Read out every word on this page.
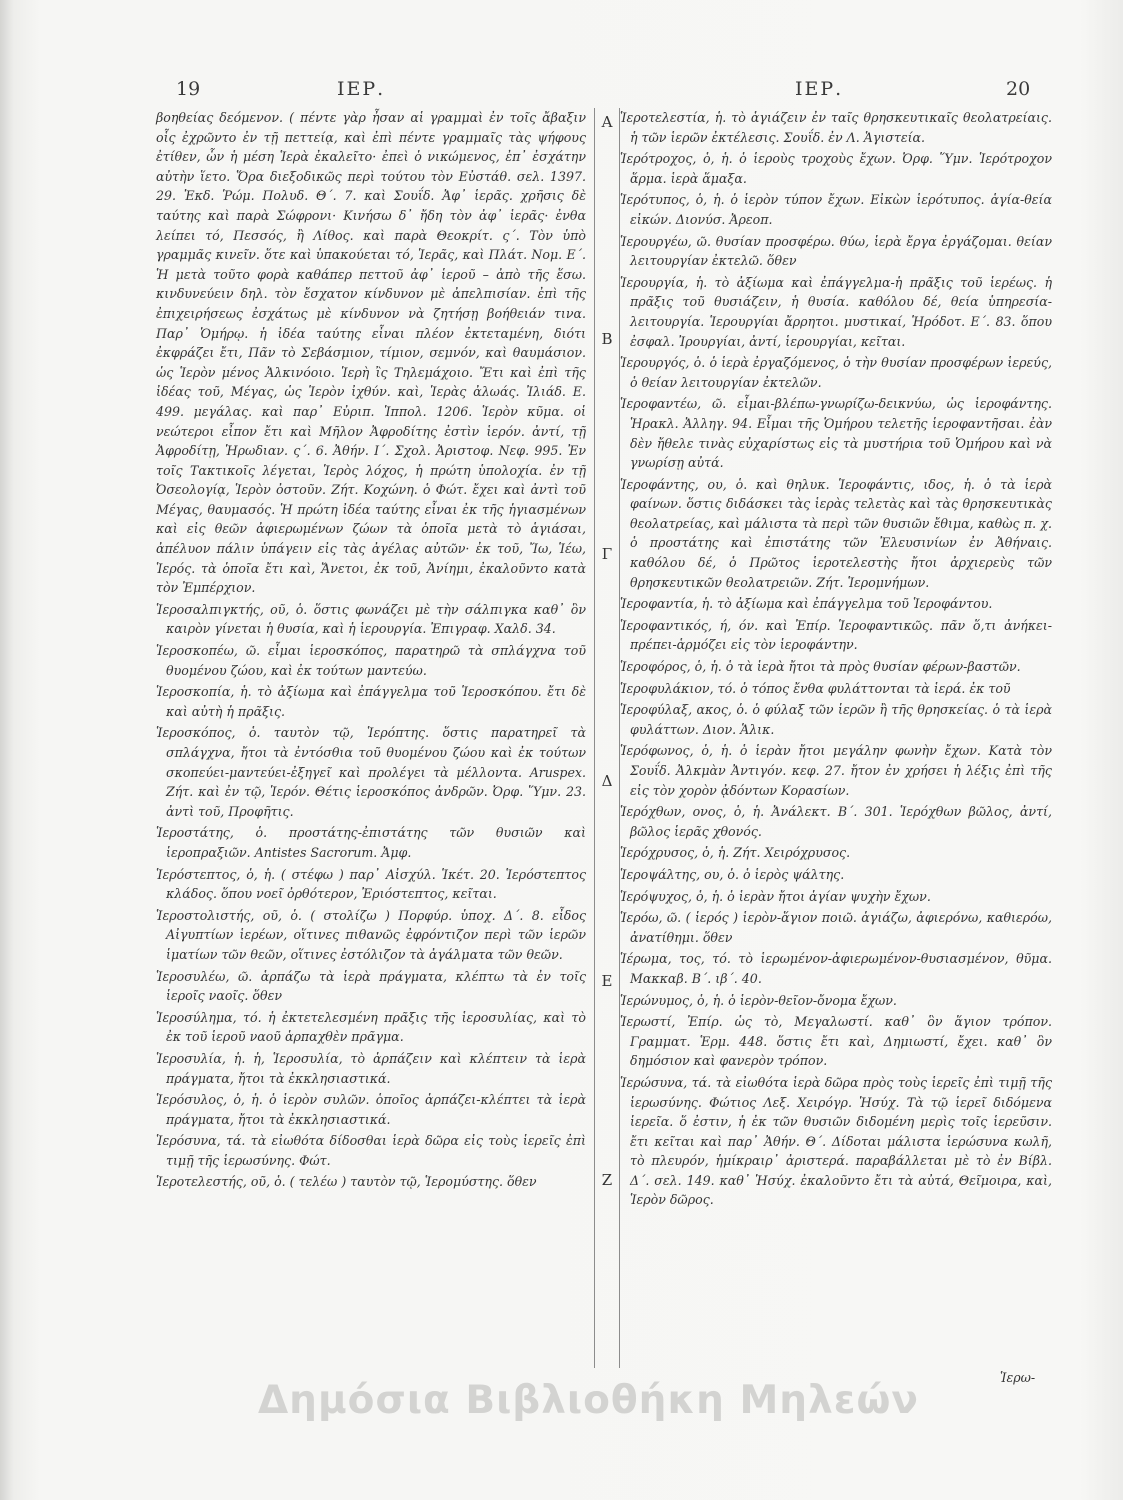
19	ΙΕΡ.	ΙΕΡ.	20

βοηθείας δεόμενον. ( πέντε γὰρ ἦσαν αἱ γραμμαὶ ἐν τοῖς ἄβαξιν οἷς ἐχρῶντο ἐν τῇ πεττείᾳ, καὶ ἐπὶ πέντε γραμμαῖς τὰς ψήφους ἐτίθεν, ὧν ἡ μέση Ἱερὰ ἐκαλεῖτο· ἐπεὶ ὁ νικώμενος, ἐπ᾽ ἐσχάτην αὐτὴν ἵετο. Ὅρα διεξοδικῶς περὶ τούτου τὸν Εὐστάθ. σελ. 1397. 29. Ἐκδ. Ῥώμ. Πολυδ. Θ΄. 7. καὶ Σουΐδ. Ἀφ᾽ ἱερᾶς. χρῆσις δὲ ταύτης καὶ παρὰ Σώφρονι· Κινήσω δ᾽ ἤδη τὸν ἀφ᾽ ἱερᾶς· ἐνθα λείπει τό, Πεσσός, ἢ Λίθος. καὶ παρὰ Θεοκρίτ. ς΄. Τὸν ὑπὸ γραμμᾶς κινεῖν. ὅτε καὶ ὑπακούεται τό, Ἱερᾶς, καὶ Πλάτ. Νομ. Ε΄. Ἡ μετὰ τοῦτο φορὰ καθάπερ πεττοῦ ἀφ᾽ ἱεροῦ – ἀπὸ τῆς ἕσω. κινδυνεύειν δηλ. τὸν ἔσχατον κίνδυνον μὲ ἀπελπισίαν. ἐπὶ τῆς ἐπιχειρήσεως ἐσχάτως μὲ κίνδυνον νὰ ζητήσῃ βοήθειάν τινα. Παρ᾽ Ὁμήρῳ. ἡ ἰδέα ταύτης εἶναι πλέον ἐκτεταμένη, διότι ἐκφράζει ἔτι, Πᾶν τὸ Σεβάσμιον, τίμιον, σεμνόν, καὶ θαυμάσιον. ὡς Ἱερὸν μένος Ἀλκινόοιο. Ἱερὴ ἲς Τηλεμάχοιο. Ἔτι καὶ ἐπὶ τῆς ἰδέας τοῦ, Μέγας, ὡς Ἱερὸν ἰχθύν. καὶ, Ἱερὰς ἀλωάς. Ἰλιάδ. Ε. 499. μεγάλας. καὶ παρ᾽ Εὐριπ. Ἱππολ. 1206. Ἱερὸν κῦμα. οἱ νεώτεροι εἶπον ἔτι καὶ Μῆλον Ἀφροδίτης ἐστὶν ἱερόν. ἀντί, τῇ Ἀφροδίτῃ, Ἡρωδιαν. ς΄. 6. Ἀθήν. Ι΄. Σχολ. Ἀριστοφ. Νεφ. 995. Ἐν τοῖς Τακτικοῖς λέγεται, Ἱερὸς λόχος, ἡ πρώτη ὑπολοχία. ἐν τῇ Ὀσεολογίᾳ, Ἱερὸν ὀστοῦν. Ζήτ. Κοχώνη. ὁ Φώτ. ἔχει καὶ ἀντὶ τοῦ Μέγας, θαυμασός. Ἡ πρώτη ἰδέα ταύτης εἶναι ἐκ τῆς ἡγιασμένων καὶ εἰς θεῶν ἀφιερωμένων ζώων τὰ ὁποῖα μετὰ τὸ ἁγιάσαι, ἀπέλυον πάλιν ὑπάγειν εἰς τὰς ἀγέλας αὐτῶν· ἐκ τοῦ, Ἴω, Ἱέω, Ἱερός. τὰ ὁποῖα ἔτι καὶ, Ἄνετοι, ἐκ τοῦ, Ἀνίημι, ἐκαλοῦντο κατὰ τὸν Ἐμπέρχιον.

Ἱεροσαλπιγκτής, οῦ, ὁ. ὅστις φωνάζει μὲ τὴν σάλπιγκα καθ᾽ ὃν καιρὸν γίνεται ἡ θυσία, καὶ ἡ ἱερουργία. Ἐπιγραφ. Χαλδ. 34.

Ἱεροσκοπέω, ῶ. εἶμαι ἱεροσκόπος, παρατηρῶ τὰ σπλάγχνα τοῦ θυομένου ζώου, καὶ ἐκ τούτων μαντεύω.

Ἱεροσκοπία, ἡ. τὸ ἀξίωμα καὶ ἐπάγγελμα τοῦ Ἱεροσκόπου. ἔτι δὲ καὶ αὐτὴ ἡ πρᾶξις.

Ἱεροσκόπος, ὁ. ταυτὸν τῷ, Ἱερόπτης. ὅστις παρατηρεῖ τὰ σπλάγχνα, ἤτοι τὰ ἐντόσθια τοῦ θυομένου ζώου καὶ ἐκ τούτων σκοπεύει-μαντεύει-ἐξηγεῖ καὶ προλέγει τὰ μέλλοντα. Aruspex. Ζήτ. καὶ ἐν τῷ, Ἱερόν. Θέτις ἱεροσκόπος ἀνδρῶν. Ὀρφ. Ὕμν. 23. ἀντὶ τοῦ, Προφῆτις.

Ἱεροστάτης, ὁ. προστάτης-ἐπιστάτης τῶν θυσιῶν καὶ ἱεροπραξιῶν. Antistes Sacrorum. Ἀμφ.

Ἱερόστεπτος, ὁ, ἡ. ( στέφω ) παρ᾽ Αἰσχύλ. Ἱκέτ. 20. Ἱερόστεπτος κλάδος. ὅπου νοεῖ ὀρθότερον, Ἐριόστεπτος, κεῖται.

Ἱεροστολιστής, οῦ, ὁ. ( στολίζω ) Πορφύρ. ὑποχ. Δ΄. 8. εἶδος Αἰγυπτίων ἱερέων, οἵτινες πιθανῶς ἐφρόντιζον περὶ τῶν ἱερῶν ἱματίων τῶν θεῶν, οἵτινες ἐστόλιζον τὰ ἀγάλματα τῶν θεῶν.

Ἱεροσυλέω, ῶ. ἁρπάζω τὰ ἱερὰ πράγματα, κλέπτω τὰ ἐν τοῖς ἱεροῖς ναοῖς. ὅθεν

Ἱεροσύλημα, τό. ἡ ἐκτετελεσμένη πρᾶξις τῆς ἱεροσυλίας, καὶ τὸ ἐκ τοῦ ἱεροῦ ναοῦ ἁρπαχθὲν πρᾶγμα.

Ἱεροσυλία, ἡ. ἡ, Ἱεροσυλία, τὸ ἁρπάζειν καὶ κλέπτειν τὰ ἱερὰ πράγματα, ἤτοι τὰ ἐκκλησιαστικά.

Ἱερόσυλος, ὁ, ἡ. ὁ ἱερὸν συλῶν. ὁποῖος ἁρπάζει-κλέπτει τὰ ἱερὰ πράγματα, ἤτοι τὰ ἐκκλησιαστικά.

Ἱερόσυνα, τά. τὰ εἰωθότα δίδοσθαι ἱερὰ δῶρα εἰς τοὺς ἱερεῖς ἐπὶ τιμῇ τῆς ἱερωσύνης. Φώτ.

Ἱεροτελεστής, οῦ, ὁ. ( τελέω ) ταυτὸν τῷ, Ἱερομύστης. ὅθεν

Α
Β
Γ
Δ
Ε
Ζ

Ἱεροτελεστία, ἡ. τὸ ἁγιάζειν ἐν ταῖς θρησκευτικαῖς θεολατρείαις. ἡ τῶν ἱερῶν ἐκτέλεσις. Σουΐδ. ἐν Λ. Ἁγιστεία.

Ἱερότροχος, ὁ, ἡ. ὁ ἱεροὺς τροχοὺς ἔχων. Ὀρφ. Ὕμν. Ἱερότροχον ἅρμα. ἱερὰ ἅμαξα.

Ἱερότυπος, ὁ, ἡ. ὁ ἱερὸν τύπον ἔχων. Εἰκὼν ἱερότυπος. ἁγία-θεία εἰκών. Διονύσ. Ἀρεοπ.

Ἱερουργέω, ῶ. θυσίαν προσφέρω. θύω, ἱερὰ ἔργα ἐργάζομαι. θείαν λειτουργίαν ἐκτελῶ. ὅθεν

Ἱερουργία, ἡ. τὸ ἀξίωμα καὶ ἐπάγγελμα-ἡ πρᾶξις τοῦ ἱερέως. ἡ πρᾶξις τοῦ θυσιάζειν, ἡ θυσία. καθόλου δέ, θεία ὑπηρεσία-λειτουργία. Ἱερουργίαι ἄρρητοι. μυστικαί, Ἡρόδοτ. Ε΄. 83. ὅπου ἐσφαλ. Ἰρουργίαι, ἀντί, ἱερουργίαι, κεῖται.

Ἱερουργός, ὁ. ὁ ἱερὰ ἐργαζόμενος, ὁ τὴν θυσίαν προσφέρων ἱερεύς, ὁ θείαν λειτουργίαν ἐκτελῶν.

Ἱεροφαντέω, ῶ. εἶμαι-βλέπω-γνωρίζω-δεικνύω, ὡς ἱεροφάντης. Ἡρακλ. Ἀλληγ. 94. Εἶμαι τῆς Ὁμήρου τελετῆς ἱεροφαντῆσαι. ἐὰν δὲν ἤθελε τινὰς εὐχαρίστως εἰς τὰ μυστήρια τοῦ Ὁμήρου καὶ νὰ γνωρίσῃ αὐτά.

Ἱεροφάντης, ου, ὁ. καὶ θηλυκ. Ἱεροφάντις, ιδος, ἡ. ὁ τὰ ἱερὰ φαίνων. ὅστις διδάσκει τὰς ἱερὰς τελετὰς καὶ τὰς θρησκευτικὰς θεολατρείας, καὶ μάλιστα τὰ περὶ τῶν θυσιῶν ἔθιμα, καθὼς π. χ. ὁ προστάτης καὶ ἐπιστάτης τῶν Ἐλευσινίων ἐν Ἀθήναις. καθόλου δέ, ὁ Πρῶτος ἱεροτελεστὴς ἤτοι ἀρχιερεὺς τῶν θρησκευτικῶν θεολατρειῶν. Ζήτ. Ἱερομνήμων.

Ἱεροφαντία, ἡ. τὸ ἀξίωμα καὶ ἐπάγγελμα τοῦ Ἱεροφάντου.

Ἱεροφαντικός, ή, όν. καὶ Ἐπίρ. Ἱεροφαντικῶς. πᾶν ὅ,τι ἀνήκει-πρέπει-ἁρμόζει εἰς τὸν ἱεροφάντην.

Ἱεροφόρος, ὁ, ἡ. ὁ τὰ ἱερὰ ἤτοι τὰ πρὸς θυσίαν φέρων-βαστῶν.

Ἱεροφυλάκιον, τό. ὁ τόπος ἔνθα φυλάττονται τὰ ἱερά. ἐκ τοῦ

Ἱεροφύλαξ, ακος, ὁ. ὁ φύλαξ τῶν ἱερῶν ἢ τῆς θρησκείας. ὁ τὰ ἱερὰ φυλάττων. Διον. Ἁλικ.

Ἱερόφωνος, ὁ, ἡ. ὁ ἱερὰν ἤτοι μεγάλην φωνὴν ἔχων. Κατὰ τὸν Σουΐδ. Ἀλκμὰν Ἀντιγόν. κεφ. 27. ἤτον ἐν χρήσει ἡ λέξις ἐπὶ τῆς εἰς τὸν χορὸν ᾀδόντων Κορασίων.

Ἱερόχθων, ονος, ὁ, ἡ. Ἀνάλεκτ. Β΄. 301. Ἱερόχθων βῶλος, ἀντί, βῶλος ἱερᾶς χθονός.

Ἱερόχρυσος, ὁ, ἡ. Ζήτ. Χειρόχρυσος.

Ἱεροψάλτης, ου, ὁ. ὁ ἱερὸς ψάλτης.

Ἱερόψυχος, ὁ, ἡ. ὁ ἱερὰν ἤτοι ἁγίαν ψυχὴν ἔχων.

Ἱερόω, ῶ. ( ἱερός ) ἱερὸν-ἅγιον ποιῶ. ἁγιάζω, ἀφιερόνω, καθιερόω, ἀνατίθημι. ὅθεν

Ἱέρωμα, τος, τό. τὸ ἱερωμένον-ἀφιερωμένον-θυσιασμένον, θῦμα. Μακκαβ. Β΄. ιβ΄. 40.

Ἱερώνυμος, ὁ, ἡ. ὁ ἱερὸν-θεῖον-ὄνομα ἔχων.

Ἱερωστί, Ἐπίρ. ὡς τὸ, Μεγαλωστί. καθ᾽ ὃν ἅγιον τρόπον. Γραμματ. Ἑρμ. 448. ὅστις ἔτι καὶ, Δημιωστί, ἔχει. καθ᾽ ὃν δημόσιον καὶ φανερὸν τρόπον.

Ἱερώσυνα, τά. τὰ εἰωθότα ἱερὰ δῶρα πρὸς τοὺς ἱερεῖς ἐπὶ τιμῇ τῆς ἱερωσύνης. Φώτιος Λεξ. Χειρόγρ. Ἡσύχ. Τὰ τῷ ἱερεῖ διδόμενα ἱερεῖα. ὅ ἐστιν, ἡ ἐκ τῶν θυσιῶν διδομένη μερὶς τοῖς ἱερεῦσιν. ἔτι κεῖται καὶ παρ᾽ Ἀθήν. Θ΄. Δίδοται μάλιστα ἱερώσυνα κωλῆ, τὸ πλευρόν, ἡμίκραιρ᾽ ἀριστερά. παραβάλλεται μὲ τὸ ἐν Βίβλ. Δ΄. σελ. 149. καθ᾽ Ἡσύχ. ἐκαλοῦντο ἔτι τὰ αὐτά, Θεῖμοιρα, καὶ, Ἱερὸν δῶρος.

Ἱερω-
Δημόσια Βιβλιοθήκη Μηλεών
